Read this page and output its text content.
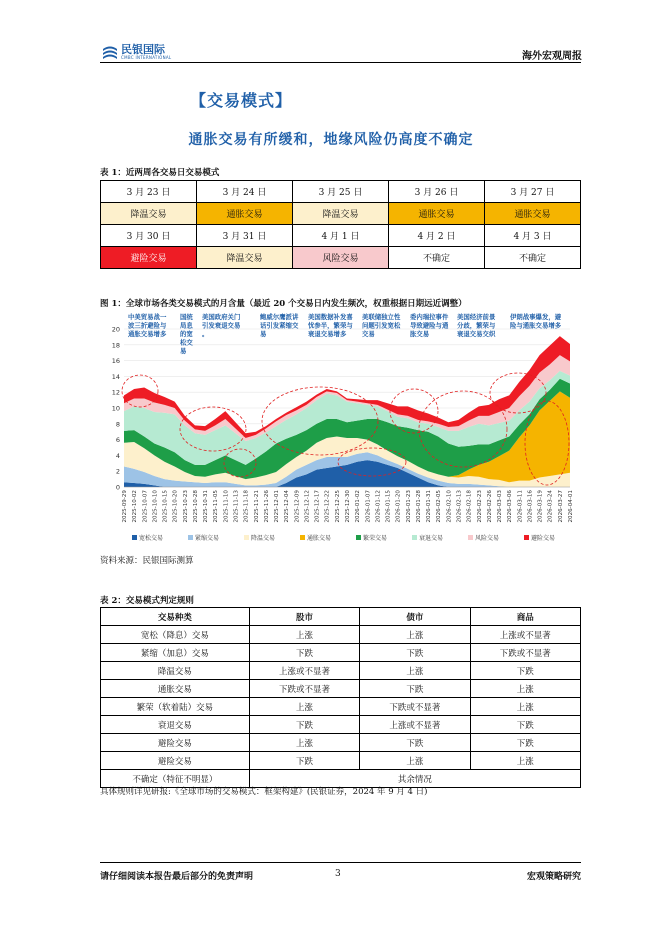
民银国际
CMBC INTERNATIONAL	海外宏观周报
【交易模式】
通胀交易有所缓和，地缘风险仍高度不确定
表 1：近两周各交易日交易模式
3 月 23 日	3 月 24 日	3 月 25 日	3 月 26 日	3 月 27 日
降温交易	通胀交易	降温交易	通胀交易	通胀交易
3 月 30 日	3 月 31 日	4 月 1 日	4 月 2 日	4 月 3 日
避险交易	降温交易	风险交易	不确定	不确定
图 1：全球市场各类交易模式的月含量（最近 20 个交易日内发生频次，权重根据日期远近调整）
0
2
4
6
8
10
12
14
16
18
20
2025-09-29 2025-10-02 2025-10-07 2025-10-10 2025-10-15 2025-10-20 2025-10-23 2025-10-28 2025-10-31 2025-11-05 2025-11-10 2025-11-13 2025-11-18 2025-11-21 2025-11-26 2025-12-01 2025-12-04 2025-12-09 2025-12-12 2025-12-17 2025-12-22 2025-12-25 2025-12-30 2026-01-02 2026-01-07 2026-01-12 2026-01-15 2026-01-20 2026-01-23 2026-01-28 2026-01-31 2026-02-05 2026-02-10 2026-02-13 2026-02-18 2026-02-23 2026-02-26 2026-03-03 2026-03-06 2026-03-11 2026-03-16 2026-03-19 2026-03-24 2026-03-27 2026-04-01
中美贸易战一波三折避险与通胀交易增多
国统局息的宽松交易
美国政府关门引发衰退交易。
鲍威尔鹰派讲话引发紧缩交易
美国数据补发喜忧参半，繁荣与衰退交易增多
美联储独立性问题引发宽松交易
委内瑞拉事件导致避险与通胀交易
美国经济前景分歧，繁荣与衰退交易交织
伊朗战事爆发，避险与通胀交易增多
宽松交易	紧缩交易	降温交易	通胀交易	繁荣交易	衰退交易	风险交易	避险交易
资料来源：民银国际测算
表 2：交易模式判定规则
交易种类	股市	债市	商品
宽松（降息）交易	上涨	上涨	上涨或不显著
紧缩（加息）交易	下跌	下跌	下跌或不显著
降温交易	上涨或不显著	上涨	下跌
通胀交易	下跌或不显著	下跌	上涨
繁荣（软着陆）交易	上涨	下跌或不显著	上涨
衰退交易	下跌	上涨或不显著	下跌
避险交易	上涨	下跌	下跌
避险交易	下跌	上涨	上涨
不确定（特征不明显）	其余情况		
具体规则详见研报:《全球市场的交易模式：框架构建》(民银证券，2024 年 9 月 4 日)
请仔细阅读本报告最后部分的免责声明	3	宏观策略研究
